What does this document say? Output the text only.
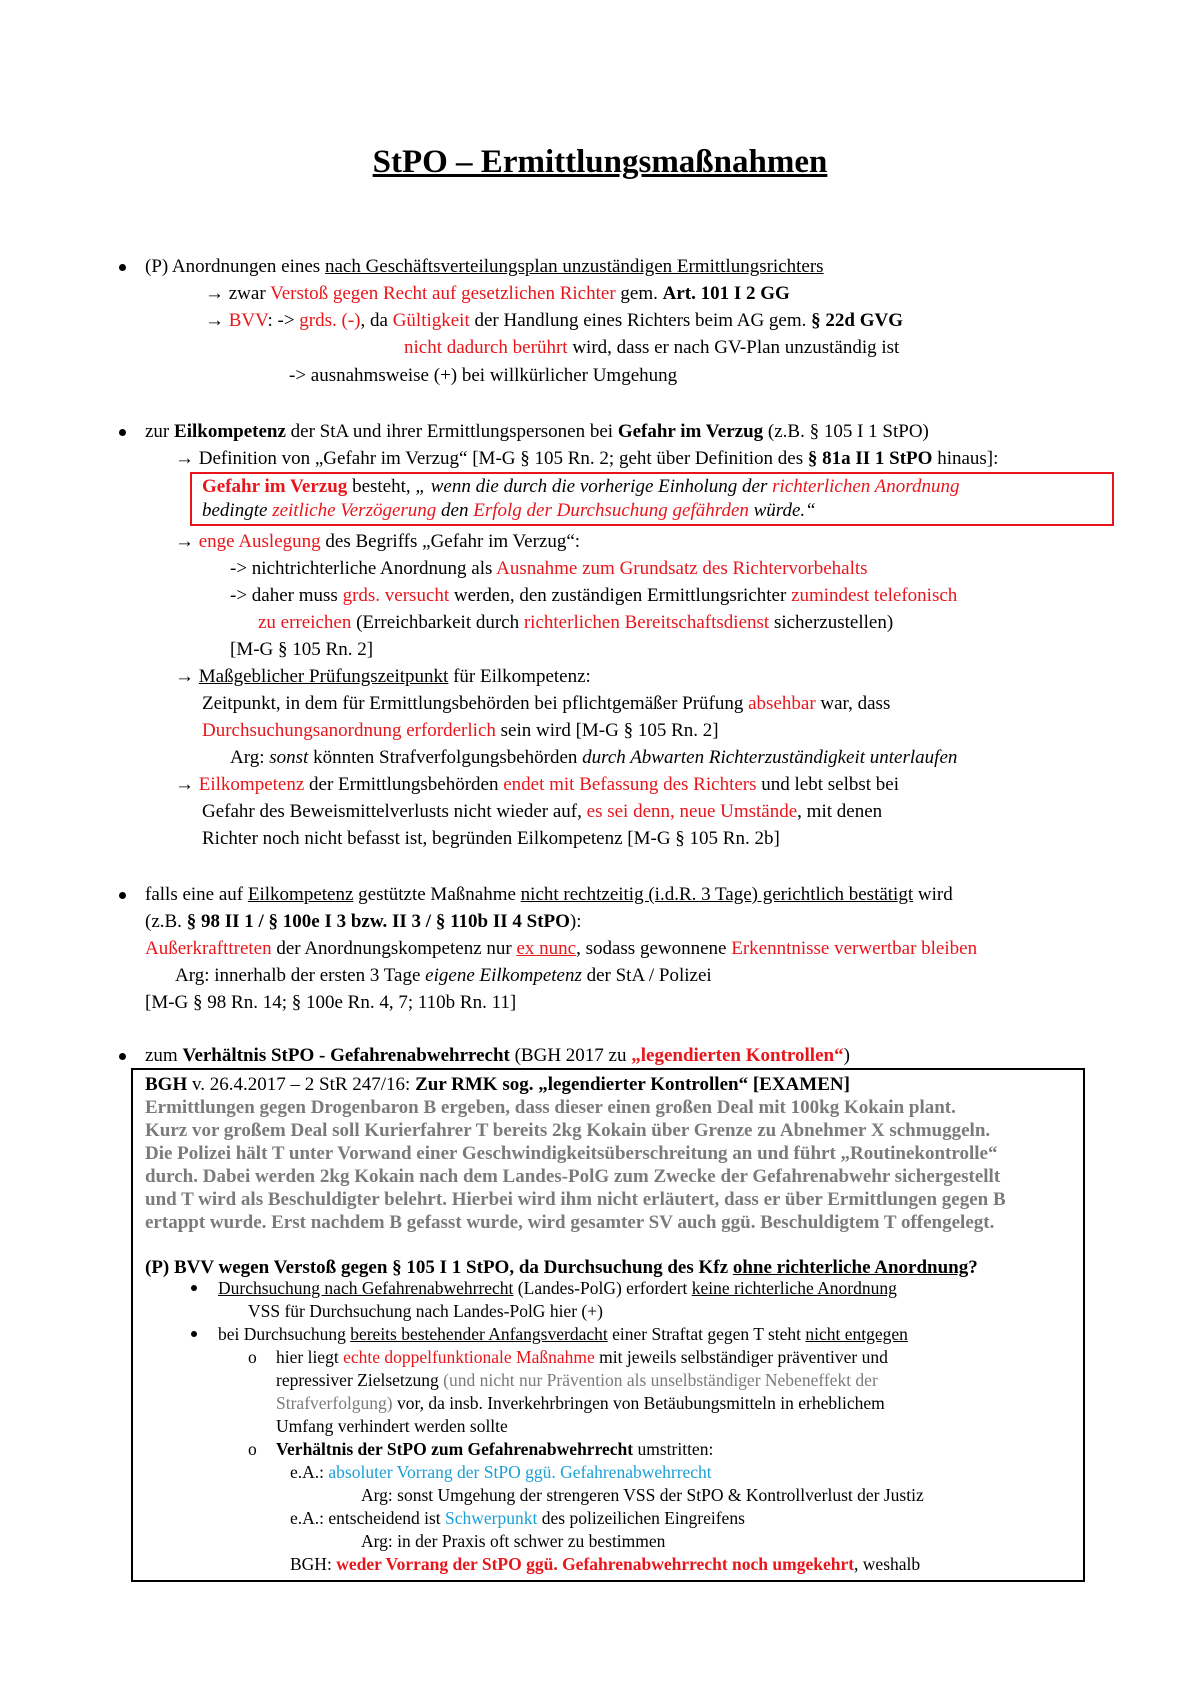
StPO – Ermittlungsmaßnahmen
(P) Anordnungen eines nach Geschäftsverteilungsplan unzuständigen Ermittlungsrichters
→ zwar Verstoß gegen Recht auf gesetzlichen Richter gem. Art. 101 I 2 GG
→ BVV: -> grds. (-), da Gültigkeit der Handlung eines Richters beim AG gem. § 22d GVG
nicht dadurch berührt wird, dass er nach GV-Plan unzuständig ist
-> ausnahmsweise (+) bei willkürlicher Umgehung
zur Eilkompetenz der StA und ihrer Ermittlungspersonen bei Gefahr im Verzug (z.B. § 105 I 1 StPO)
→ Definition von „Gefahr im Verzug“ [M-G § 105 Rn. 2; geht über Definition des § 81a II 1 StPO hinaus]:
Gefahr im Verzug besteht, „ wenn die durch die vorherige Einholung der richterlichen Anordnung
bedingte zeitliche Verzögerung den Erfolg der Durchsuchung gefährden würde.“
→ enge Auslegung des Begriffs „Gefahr im Verzug“:
-> nichtrichterliche Anordnung als Ausnahme zum Grundsatz des Richtervorbehalts
-> daher muss grds. versucht werden, den zuständigen Ermittlungsrichter zumindest telefonisch
zu erreichen (Erreichbarkeit durch richterlichen Bereitschaftsdienst sicherzustellen)
[M-G § 105 Rn. 2]
→ Maßgeblicher Prüfungszeitpunkt für Eilkompetenz:
Zeitpunkt, in dem für Ermittlungsbehörden bei pflichtgemäßer Prüfung absehbar war, dass
Durchsuchungsanordnung erforderlich sein wird [M-G § 105 Rn. 2]
Arg: sonst könnten Strafverfolgungsbehörden durch Abwarten Richterzuständigkeit unterlaufen
→ Eilkompetenz der Ermittlungsbehörden endet mit Befassung des Richters und lebt selbst bei
Gefahr des Beweismittelverlusts nicht wieder auf, es sei denn, neue Umstände, mit denen
Richter noch nicht befasst ist, begründen Eilkompetenz [M-G § 105 Rn. 2b]
falls eine auf Eilkompetenz gestützte Maßnahme nicht rechtzeitig (i.d.R. 3 Tage) gerichtlich bestätigt wird
(z.B. § 98 II 1 / § 100e I 3 bzw. II 3 / § 110b II 4 StPO):
Außerkrafttreten der Anordnungskompetenz nur ex nunc, sodass gewonnene Erkenntnisse verwertbar bleiben
Arg: innerhalb der ersten 3 Tage eigene Eilkompetenz der StA / Polizei
[M-G § 98 Rn. 14; § 100e Rn. 4, 7; 110b Rn. 11]
zum Verhältnis StPO - Gefahrenabwehrrecht (BGH 2017 zu „legendierten Kontrollen“)
BGH v. 26.4.2017 – 2 StR 247/16: Zur RMK sog. „legendierter Kontrollen“ [EXAMEN]
Ermittlungen gegen Drogenbaron B ergeben, dass dieser einen großen Deal mit 100kg Kokain plant.
Kurz vor großem Deal soll Kurierfahrer T bereits 2kg Kokain über Grenze zu Abnehmer X schmuggeln.
Die Polizei hält T unter Vorwand einer Geschwindigkeitsüberschreitung an und führt „Routinekontrolle“
durch. Dabei werden 2kg Kokain nach dem Landes-PolG zum Zwecke der Gefahrenabwehr sichergestellt
und T wird als Beschuldigter belehrt. Hierbei wird ihm nicht erläutert, dass er über Ermittlungen gegen B
ertappt wurde. Erst nachdem B gefasst wurde, wird gesamter SV auch ggü. Beschuldigtem T offengelegt.
(P) BVV wegen Verstoß gegen § 105 I 1 StPO, da Durchsuchung des Kfz ohne richterliche Anordnung?
Durchsuchung nach Gefahrenabwehrrecht (Landes-PolG) erfordert keine richterliche Anordnung
VSS für Durchsuchung nach Landes-PolG hier (+)
bei Durchsuchung bereits bestehender Anfangsverdacht einer Straftat gegen T steht nicht entgegen
o hier liegt echte doppelfunktionale Maßnahme mit jeweils selbständiger präventiver und
repressiver Zielsetzung (und nicht nur Prävention als unselbständiger Nebeneffekt der
Strafverfolgung) vor, da insb. Inverkehrbringen von Betäubungsmitteln in erheblichem
Umfang verhindert werden sollte
o Verhältnis der StPO zum Gefahrenabwehrrecht umstritten:
e.A.: absoluter Vorrang der StPO ggü. Gefahrenabwehrrecht
Arg: sonst Umgehung der strengeren VSS der StPO & Kontrollverlust der Justiz
e.A.: entscheidend ist Schwerpunkt des polizeilichen Eingreifens
Arg: in der Praxis oft schwer zu bestimmen
BGH: weder Vorrang der StPO ggü. Gefahrenabwehrrecht noch umgekehrt, weshalb
